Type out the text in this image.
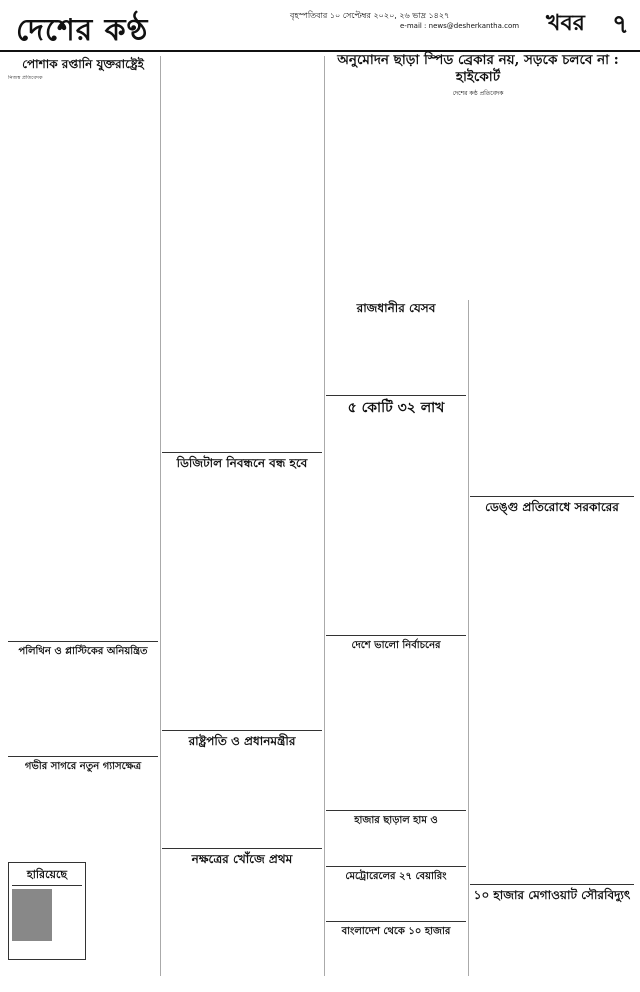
দেশের কণ্ঠ	বৃহস্পতিবার ১০ সেপ্টেম্বর ২০২০, ২৬ ভাদ্র ১৪২৭
e-mail : news@desherkantha.com খবর ৭
পোশাক রপ্তানি যুক্তরাষ্ট্রেই
নিজস্ব প্রতিবেদক
পলিথিন ও প্লাস্টিকের অনিয়ন্ত্রিত
গভীর সাগরে নতুন গ্যাসক্ষেত্র
হারিয়েছে
ডিজিটাল নিবন্ধনে বন্ধ হবে
রাষ্ট্রপতি ও প্রধানমন্ত্রীর
নক্ষত্রের খোঁজে প্রথম
অনুমোদন ছাড়া স্পিড ব্রেকার নয়, সড়কে চলবে না : হাইকোর্ট
দেশের কণ্ঠ প্রতিবেদক
রাজধানীর যেসব
৫ কোটি ৩২ লাখ
দেশে ভালো নির্বাচনের
হাজার ছাড়াল হাম ও
মেট্রোরেলের ২৭ বেয়ারিং
বাংলাদেশ থেকে ১০ হাজার
ডেঙ্গু প্রতিরোধে সরকারের
১০ হাজার মেগাওয়াট সৌরবিদ্যুৎ
